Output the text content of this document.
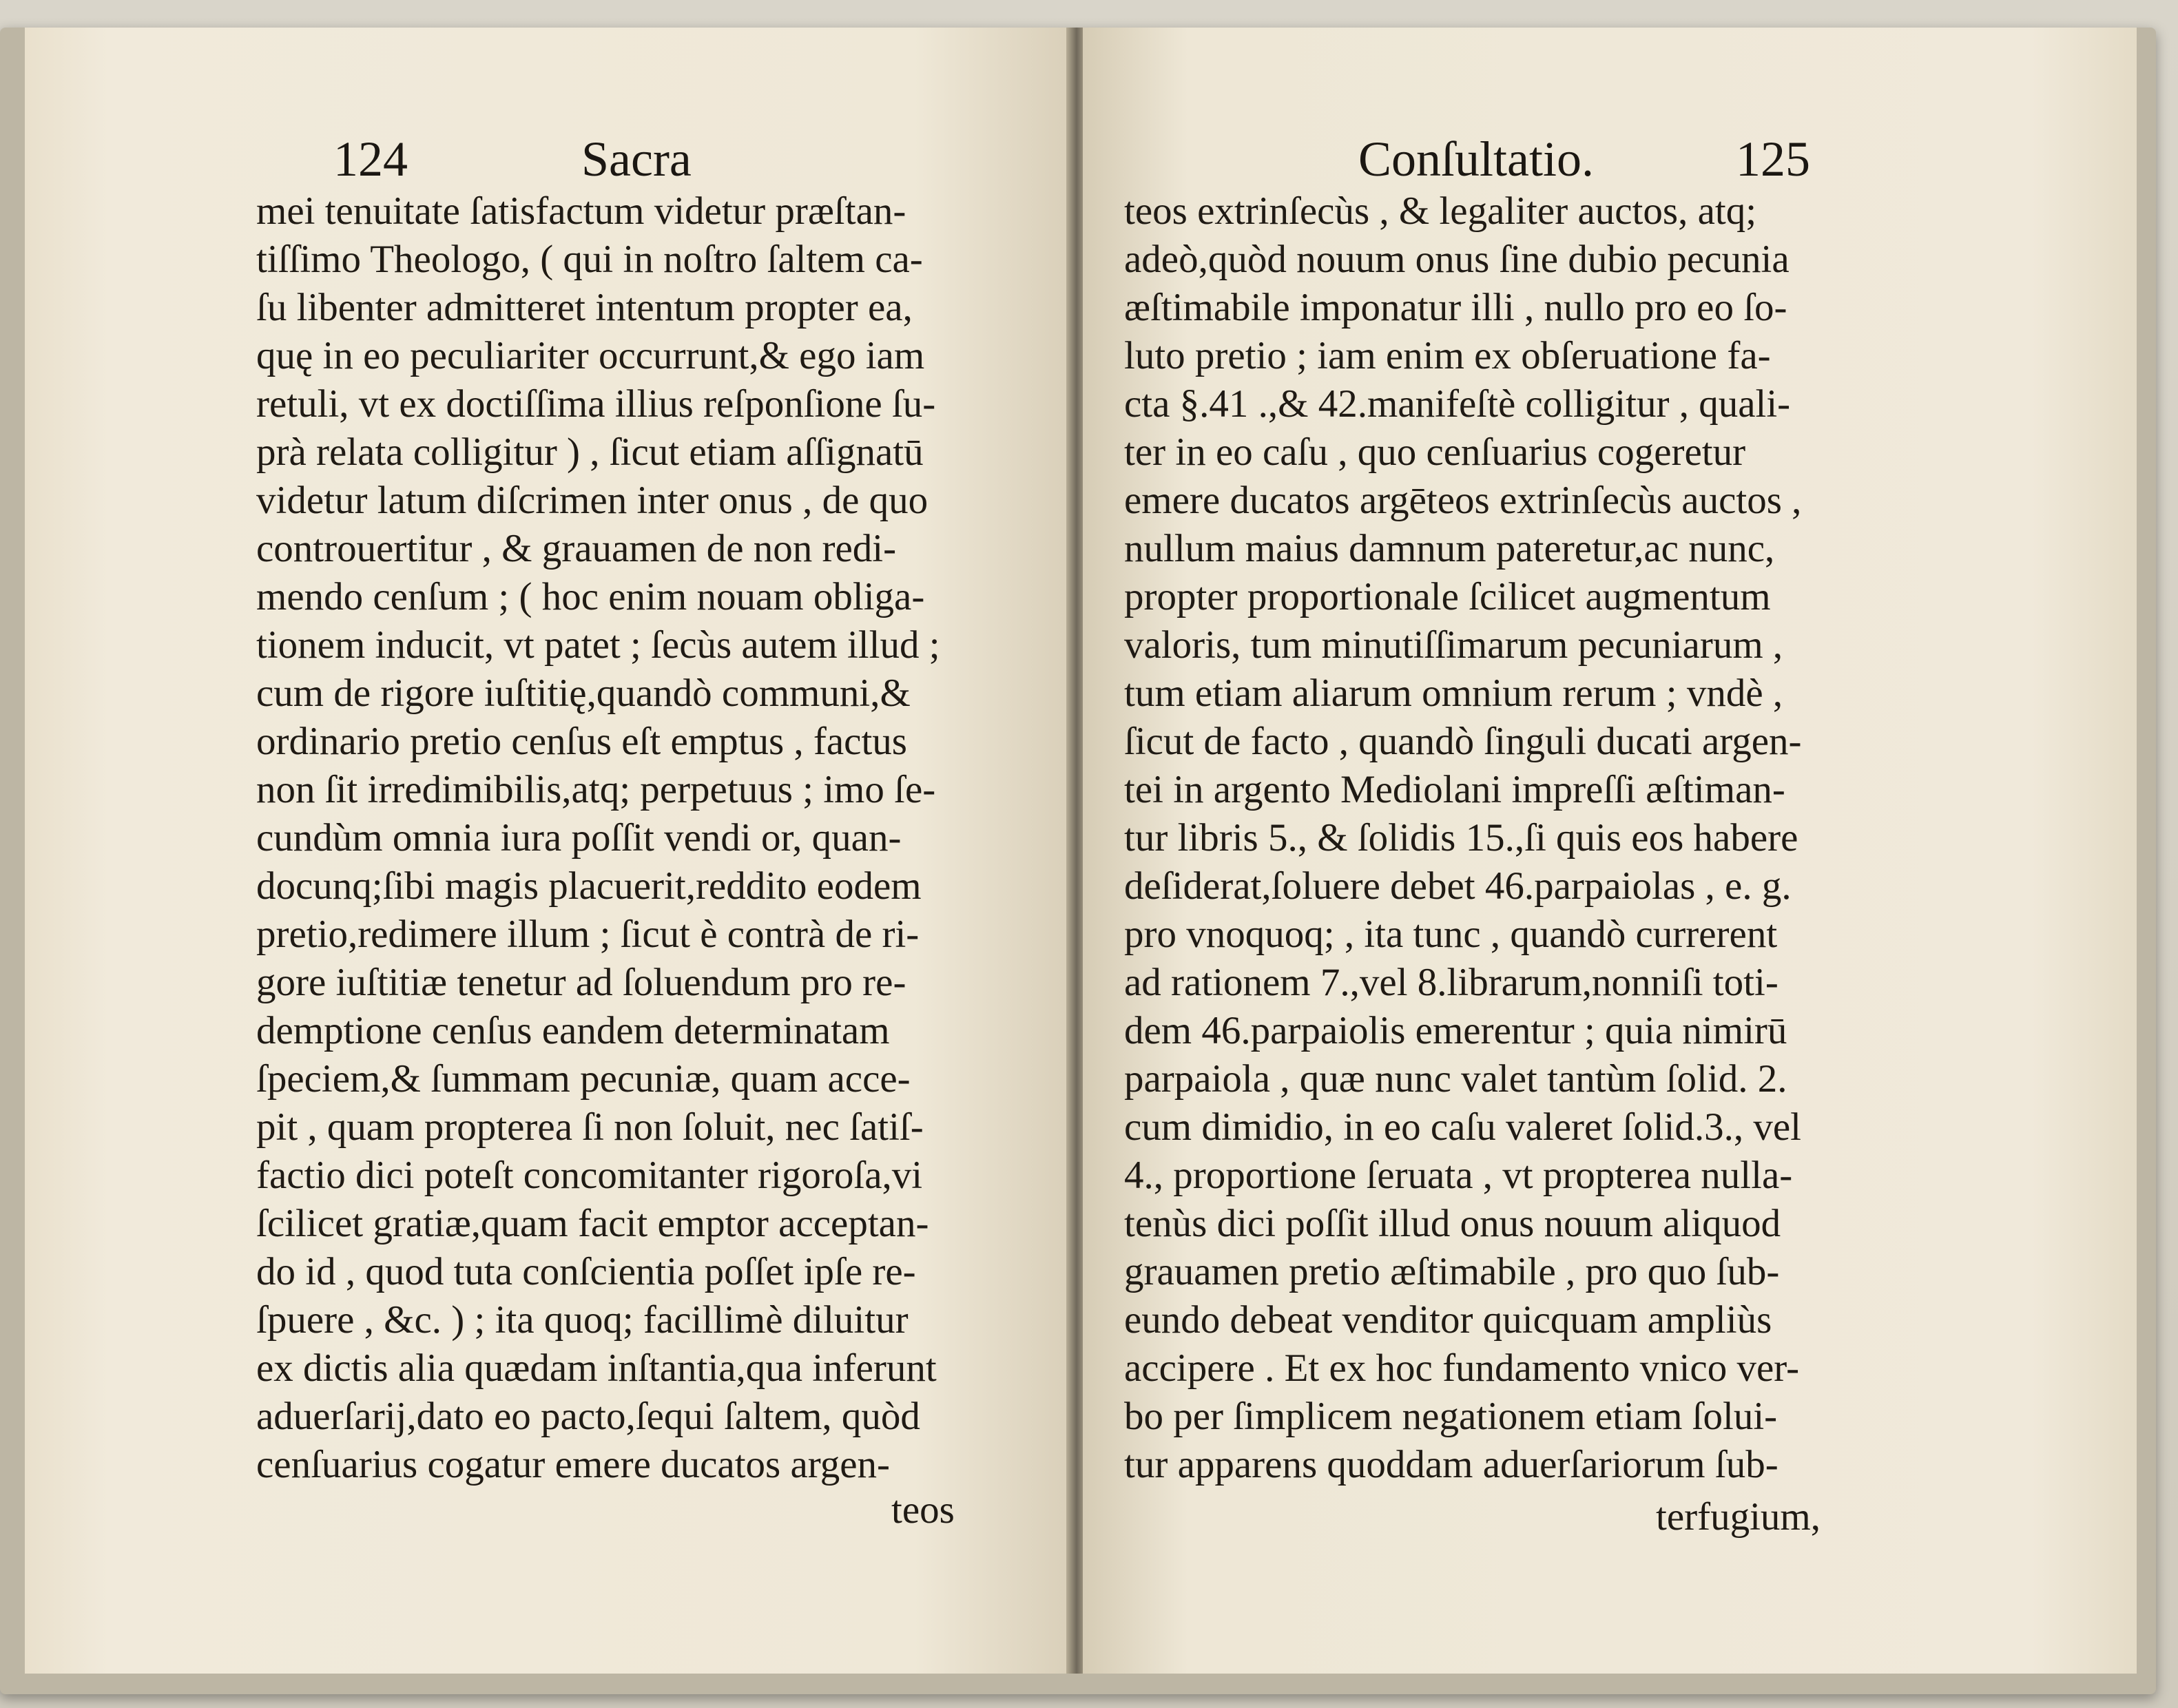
124	Sacra
mei tenuitate ſatisfactum videtur præſtan-
tiſſimo Theologo, ( qui in noſtro ſaltem ca-
ſu libenter admitteret intentum propter ea,
quę in eo peculiariter occurrunt,& ego iam
retuli, vt ex doctiſſima illius reſponſione ſu-
prà relata colligitur ) , ſicut etiam aſſignatū
videtur latum diſcrimen inter onus , de quo
controuertitur , & grauamen de non redi-
mendo cenſum ; ( hoc enim nouam obliga-
tionem inducit, vt patet ; ſecùs autem illud ;
cum de rigore iuſtitię,quandò communi,&
ordinario pretio cenſus eſt emptus , factus
non ſit irredimibilis,atq; perpetuus ; imo ſe-
cundùm omnia iura poſſit vendi or, quan-
docunq;ſibi magis placuerit,reddito eodem
pretio,redimere illum ; ſicut è contrà de ri-
gore iuſtitiæ tenetur ad ſoluendum pro re-
demptione cenſus eandem determinatam
ſpeciem,& ſummam pecuniæ, quam acce-
pit , quam propterea ſi non ſoluit, nec ſatiſ-
factio dici poteſt concomitanter rigoroſa,vi
ſcilicet gratiæ,quam facit emptor acceptan-
do id , quod tuta conſcientia poſſet ipſe re-
ſpuere , &c. ) ; ita quoq; facillimè diluitur
ex dictis alia quædam inſtantia,qua inferunt
aduerſarij,dato eo pacto,ſequi ſaltem, quòd
cenſuarius cogatur emere ducatos argen-
teos
Conſultatio.	125
teos extrinſecùs , & legaliter auctos, atq;
adeò,quòd nouum onus ſine dubio pecunia
æſtimabile imponatur illi , nullo pro eo ſo-
luto pretio ; iam enim ex obſeruatione fa-
cta §.41 .,& 42.manifeſtè colligitur , quali-
ter in eo caſu , quo cenſuarius cogeretur
emere ducatos argēteos extrinſecùs auctos ,
nullum maius damnum pateretur,ac nunc,
propter proportionale ſcilicet augmentum
valoris, tum minutiſſimarum pecuniarum ,
tum etiam aliarum omnium rerum ; vndè ,
ſicut de facto , quandò ſinguli ducati argen-
tei in argento Mediolani impreſſi æſtiman-
tur libris 5., & ſolidis 15.,ſi quis eos habere
deſiderat,ſoluere debet 46.parpaiolas , e. g.
pro vnoquoq; , ita tunc , quandò currerent
ad rationem 7.,vel 8.librarum,nonniſi toti-
dem 46.parpaiolis emerentur ; quia nimirū
parpaiola , quæ nunc valet tantùm ſolid. 2.
cum dimidio, in eo caſu valeret ſolid.3., vel
4., proportione ſeruata , vt propterea nulla-
tenùs dici poſſit illud onus nouum aliquod
grauamen pretio æſtimabile , pro quo ſub-
eundo debeat venditor quicquam ampliùs
accipere . Et ex hoc fundamento vnico ver-
bo per ſimplicem negationem etiam ſolui-
tur apparens quoddam aduerſariorum ſub-
terfugium,
